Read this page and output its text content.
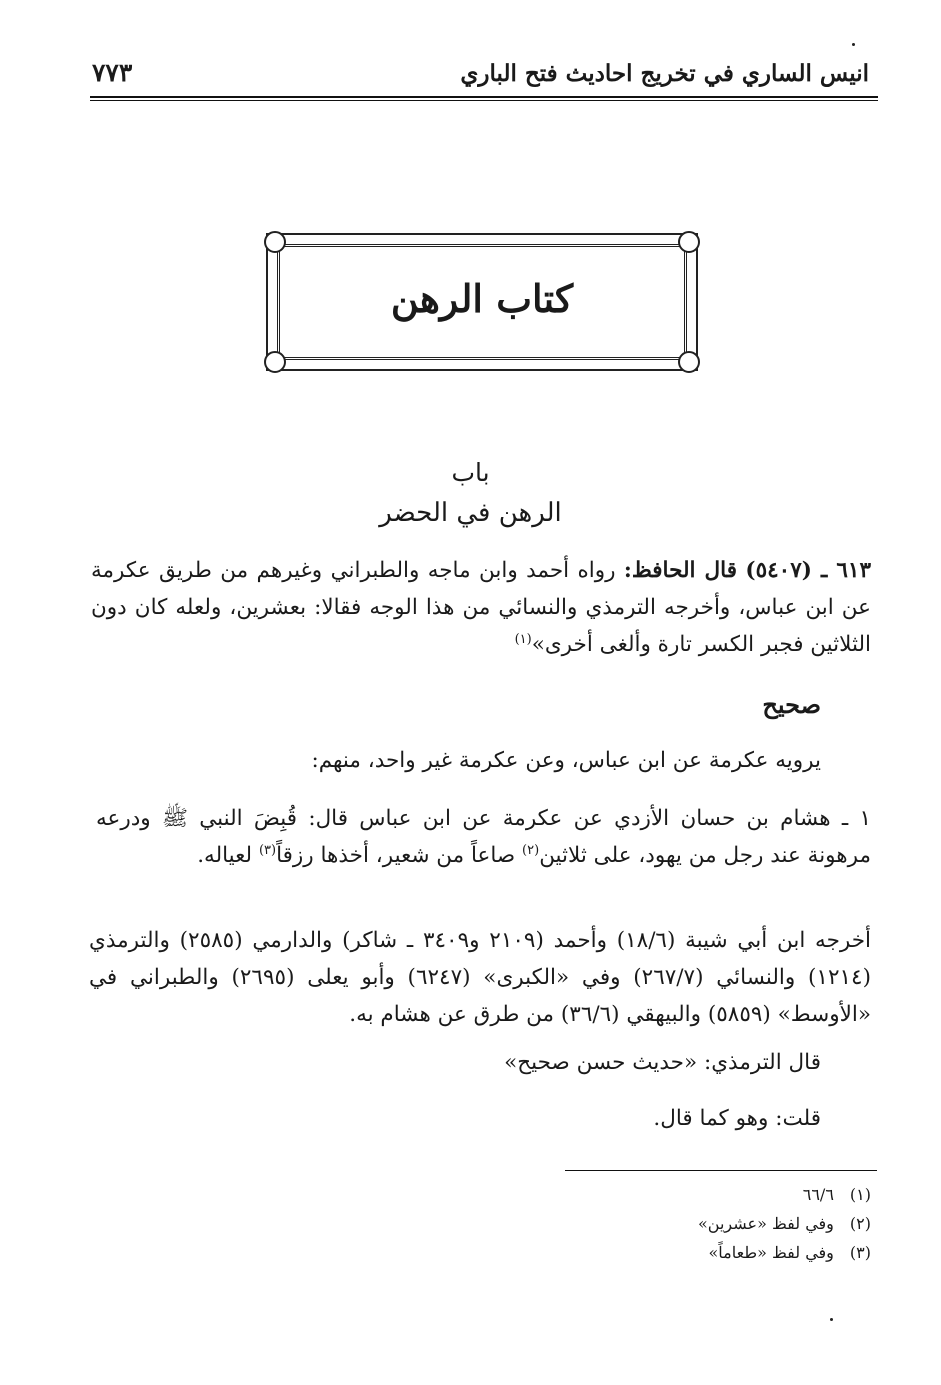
انيس الساري في تخريج احاديث فتح الباري
٧٧٣
كتاب الرهن
باب
الرهن في الحضر
٦١٣ ـ (٥٤٠٧) قال الحافظ: رواه أحمد وابن ماجه والطبراني وغيرهم من طريق عكرمة عن ابن عباس، وأخرجه الترمذي والنسائي من هذا الوجه فقالا: بعشرين، ولعله كان دون الثلاثين فجبر الكسر تارة وألغى أخرى»$^{(١)}$
صحيح
يرويه عكرمة عن ابن عباس، وعن عكرمة غير واحد، منهم:
١ ـ هشام بن حسان الأزدي عن عكرمة عن ابن عباس قال: قُبِضَ النبي ﷺ ودرعه مرهونة عند رجل من يهود، على ثلاثين$^{(٢)}$ صاعاً من شعير، أخذها رزقاً$^{(٣)}$ لعياله.
أخرجه ابن أبي شيبة (١٨/٦) وأحمد (٢١٠٩ و٣٤٠٩ ـ شاكر) والدارمي (٢٥٨٥) والترمذي (١٢١٤) والنسائي (٢٦٧/٧) وفي «الكبرى» (٦٢٤٧) وأبو يعلى (٢٦٩٥) والطبراني في «الأوسط» (٥٨٥٩) والبيهقي (٣٦/٦) من طرق عن هشام به.
قال الترمذي: «حديث حسن صحيح»
قلت: وهو كما قال.
(١) ٦٦/٦
(٢) وفي لفظ «عشرين»
(٣) وفي لفظ «طعاماً»
